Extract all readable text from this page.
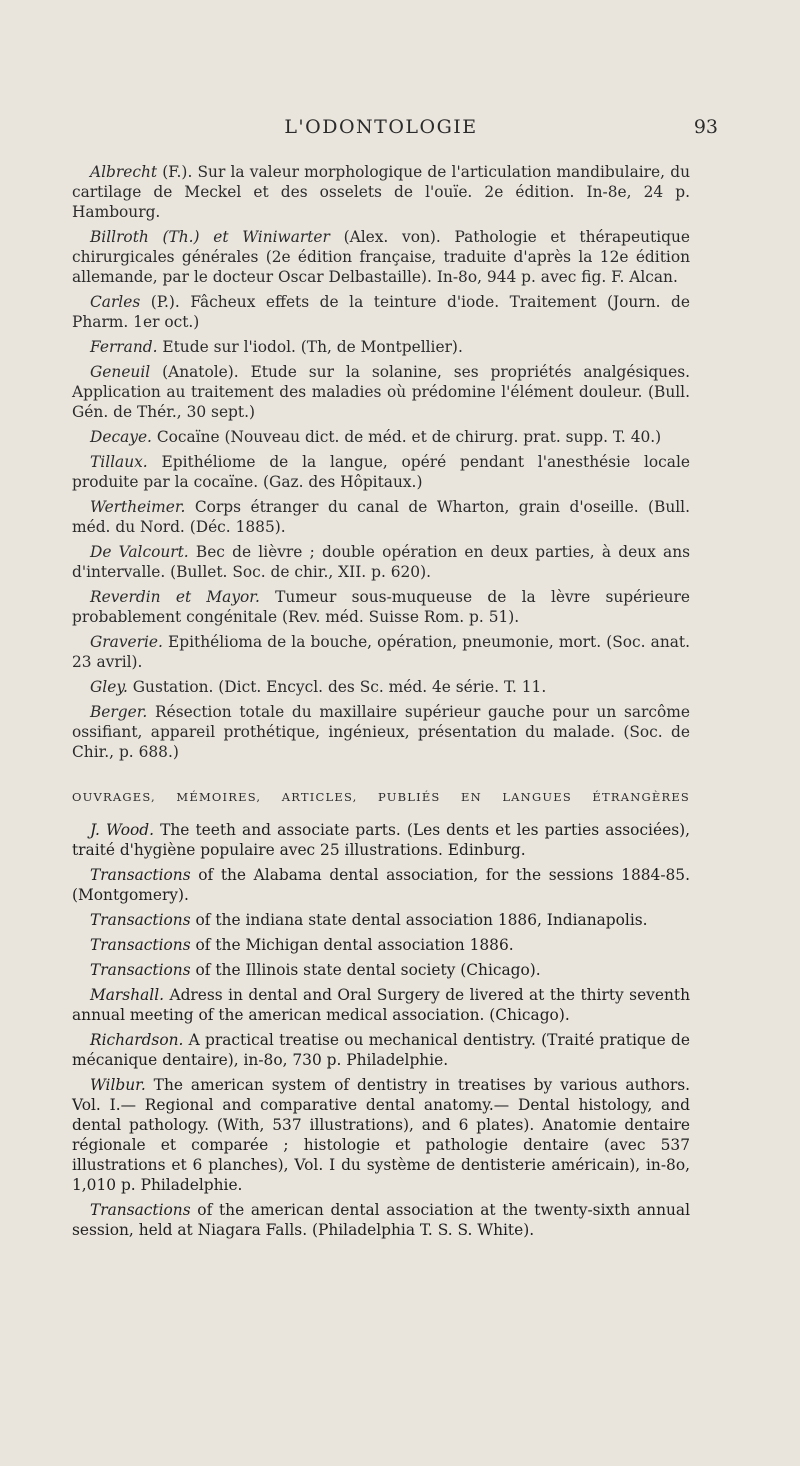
L'ODONTOLOGIE	93

Albrecht (F.). Sur la valeur morphologique de l'articulation mandibulaire, du cartilage de Meckel et des osselets de l'ouïe. 2e édition. In-8e, 24 p. Hambourg.

Billroth (Th.) et Winiwarter (Alex. von). Pathologie et thérapeutique chirurgicales générales (2e édition française, traduite d'après la 12e édition allemande, par le docteur Oscar Delbastaille). In-8o, 944 p. avec fig. F. Alcan.

Carles (P.). Fâcheux effets de la teinture d'iode. Traitement (Journ. de Pharm. 1er oct.)

Ferrand. Etude sur l'iodol. (Th, de Montpellier).

Geneuil (Anatole). Etude sur la solanine, ses propriétés analgésiques. Application au traitement des maladies où prédomine l'élément douleur. (Bull. Gén. de Thér., 30 sept.)

Decaye. Cocaïne (Nouveau dict. de méd. et de chirurg. prat. supp. T. 40.)

Tillaux. Epithéliome de la langue, opéré pendant l'anesthésie locale produite par la cocaïne. (Gaz. des Hôpitaux.)

Wertheimer. Corps étranger du canal de Wharton, grain d'oseille. (Bull. méd. du Nord. (Déc. 1885).

De Valcourt. Bec de lièvre ; double opération en deux parties, à deux ans d'intervalle. (Bullet. Soc. de chir., XII. p. 620).

Reverdin et Mayor. Tumeur sous-muqueuse de la lèvre supérieure probablement congénitale (Rev. méd. Suisse Rom. p. 51).

Graverie. Epithélioma de la bouche, opération, pneumonie, mort. (Soc. anat. 23 avril).

Gley. Gustation. (Dict. Encycl. des Sc. méd. 4e série. T. 11.

Berger. Résection totale du maxillaire supérieur gauche pour un sarcôme ossifiant, appareil prothétique, ingénieux, présentation du malade. (Soc. de Chir., p. 688.)

OUVRAGES, MÉMOIRES, ARTICLES, PUBLIÉS EN LANGUES ÉTRANGÈRES

J. Wood. The teeth and associate parts. (Les dents et les parties associées), traité d'hygiène populaire avec 25 illustrations. Edinburg.

Transactions of the Alabama dental association, for the sessions 1884-85. (Montgomery).

Transactions of the indiana state dental association 1886, Indianapolis.

Transactions of the Michigan dental association 1886.

Transactions of the Illinois state dental society (Chicago).

Marshall. Adress in dental and Oral Surgery de livered at the thirty seventh annual meeting of the american medical association. (Chicago).

Richardson. A practical treatise ou mechanical dentistry. (Traité pratique de mécanique dentaire), in-8o, 730 p. Philadelphie.

Wilbur. The american system of dentistry in treatises by various authors. Vol. I.— Regional and comparative dental anatomy.— Dental histology, and dental pathology. (With, 537 illustrations), and 6 plates). Anatomie dentaire régionale et comparée ; histologie et pathologie dentaire (avec 537 illustrations et 6 planches), Vol. I du système de dentisterie américain), in-8o, 1,010 p. Philadelphie.

Transactions of the american dental association at the twenty-sixth annual session, held at Niagara Falls. (Philadelphia T. S. S. White).
